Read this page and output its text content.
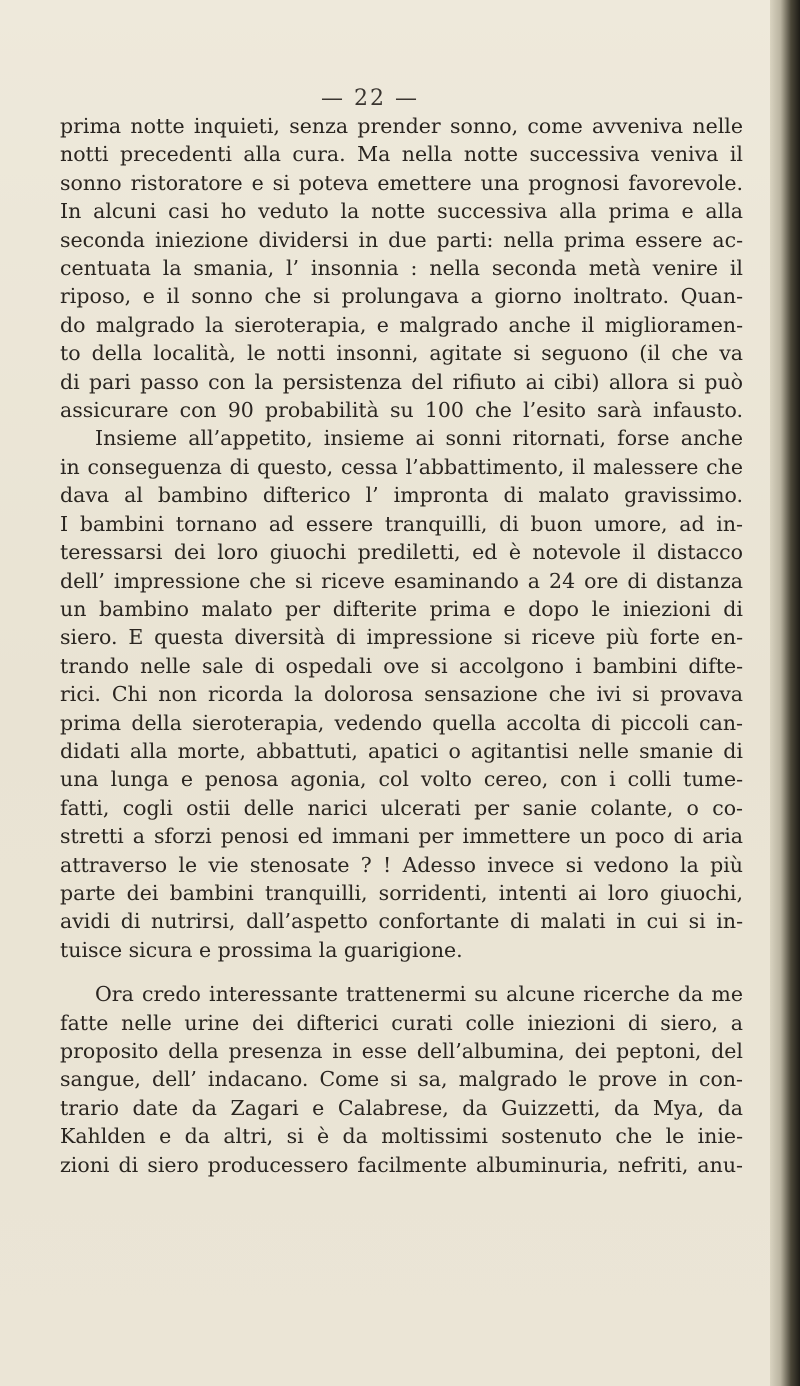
— 22 —
prima notte inquieti, senza prender sonno, come avveniva nelle
notti precedenti alla cura. Ma nella notte successiva veniva il
sonno ristoratore e si poteva emettere una prognosi favorevole.
In alcuni casi ho veduto la notte successiva alla prima e alla
seconda iniezione dividersi in due parti: nella prima essere ac-
centuata la smania, l’ insonnia : nella seconda metà venire il
riposo, e il sonno che si prolungava a giorno inoltrato. Quan-
do malgrado la sieroterapia, e malgrado anche il miglioramen-
to della località, le notti insonni, agitate si seguono (il che va
di pari passo con la persistenza del rifiuto ai cibi) allora si può
assicurare con 90 probabilità su 100 che l’esito sarà infausto.
Insieme all’appetito, insieme ai sonni ritornati, forse anche
in conseguenza di questo, cessa l’abbattimento, il malessere che
dava al bambino difterico l’ impronta di malato gravissimo.
I bambini tornano ad essere tranquilli, di buon umore, ad in-
teressarsi dei loro giuochi prediletti, ed è notevole il distacco
dell’ impressione che si riceve esaminando a 24 ore di distanza
un bambino malato per difterite prima e dopo le iniezioni di
siero. E questa diversità di impressione si riceve più forte en-
trando nelle sale di ospedali ove si accolgono i bambini difte-
rici. Chi non ricorda la dolorosa sensazione che ivi si provava
prima della sieroterapia, vedendo quella accolta di piccoli can-
didati alla morte, abbattuti, apatici o agitantisi nelle smanie di
una lunga e penosa agonia, col volto cereo, con i colli tume-
fatti, cogli ostii delle narici ulcerati per sanie colante, o co-
stretti a sforzi penosi ed immani per immettere un poco di aria
attraverso le vie stenosate ? ! Adesso invece si vedono la più
parte dei bambini tranquilli, sorridenti, intenti ai loro giuochi,
avidi di nutrirsi, dall’aspetto confortante di malati in cui si in-
tuisce sicura e prossima la guarigione.
Ora credo interessante trattenermi su alcune ricerche da me
fatte nelle urine dei difterici curati colle iniezioni di siero, a
proposito della presenza in esse dell’albumina, dei peptoni, del
sangue, dell’ indacano. Come si sa, malgrado le prove in con-
trario date da Zagari e Calabrese, da Guizzetti, da Mya, da
Kahlden e da altri, si è da moltissimi sostenuto che le inie-
zioni di siero producessero facilmente albuminuria, nefriti, anu-
